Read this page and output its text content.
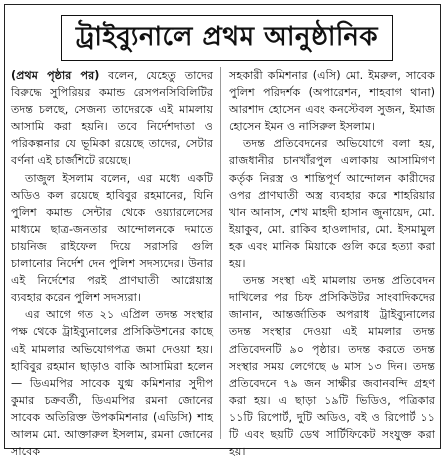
ট্রাইব্যুনালে প্রথম আনুষ্ঠানিক

(প্রথম পৃষ্ঠার পর) বলেন, যেহেতু তাদের বিরুদ্ধে সুপিরিয়র কমান্ড রেসপনসিবিলিটির তদন্ত চলছে, সেজন্য তাদেরকে এই মামলায় আসামি করা হয়নি। তবে নির্দেশদাতা ও পরিকল্পনার যে ভূমিকা রয়েছে তাদের, সেটার বর্ণনা এই চার্জশিটে রয়েছে।

তাজুল ইসলাম বলেন, এর মধ্যে একটি অডিও কল রয়েছে হাবিবুর রহমানের, যিনি পুলিশ কমান্ড সেন্টার থেকে ওয়্যারলেসের মাধ্যমে ছাত্র-জনতার আন্দোলনকে দমাতে চায়নিজ রাইফেল দিয়ে সরাসরি গুলি চালানোর নির্দেশ দেন পুলিশ সদস্যদের। উনার এই নির্দেশের পরই প্রাণঘাতী আগ্নেয়াস্ত্র ব্যবহার করেন পুলিশ সদস্যরা।

এর আগে গত ২১ এপ্রিল তদন্ত সংস্থার পক্ষ থেকে ট্রাইব্যুনালের প্রসিকিউশনের কাছে এই মামলার অভিযোগপত্র জমা দেওয়া হয়। হাবিবুর রহমান ছাড়াও বাকি আসামিরা হলেন— ডিএমপির সাবেক যুগ্ম কমিশনার সুদীপ কুমার চক্রবর্তী, ডিএমপির রমনা জোনের সাবেক অতিরিক্ত উপকমিশনার (এডিসি) শাহ আলম মো. আক্তারুল ইসলাম, রমনা জোনের সাবেক

সহকারী কমিশনার (এসি) মো. ইমরুল, সাবেক পুলিশ পরিদর্শক (অপারেশন, শাহবাগ থানা) আরশাদ হোসেন এবং কনস্টেবল সুজন, ইমাজ হোসেন ইমন ও নাসিরুল ইসলাম।

তদন্ত প্রতিবেদনের অভিযোগে বলা হয়, রাজধানীর চানখাঁরপুল এলাকায় আসামিগণ কর্তৃক নিরস্ত্র ও শান্তিপূর্ণ আন্দোলন কারীদের ওপর প্রাণঘাতী অস্ত্র ব্যবহার করে শাহরিয়ার খান আনাস, শেখ মাহদী হাসান জুনায়েদ, মো. ইয়াকুব, মো. রাকিব হাওলাদার, মো. ইসমামুল হক এবং মানিক মিয়াকে গুলি করে হত্যা করা হয়।

তদন্ত সংস্থা এই মামলায় তদন্ত প্রতিবেদন দাখিলের পর চিফ প্রসিকিউটর সাংবাদিকদের জানান, আন্তর্জাতিক অপরাধ ট্রাইব্যুনালের তদন্ত সংস্থার দেওয়া এই মামলার তদন্ত প্রতিবেদনটি ৯০ পৃষ্ঠার। তদন্ত করতে তদন্ত সংস্থার সময় লেগেছে ৬ মাস ১৩ দিন। তদন্ত প্রতিবেদনে ৭৯ জন সাক্ষীর জবানবন্দি গ্রহণ করা হয়। এ ছাড়া ১৯টি ভিডিও, পত্রিকার ১১টি রিপোর্ট, দুটি অডিও, বই ও রিপোর্ট ১১ টি এবং ছয়টি ডেথ সার্টিফিকেট সংযুক্ত করা হয়।
